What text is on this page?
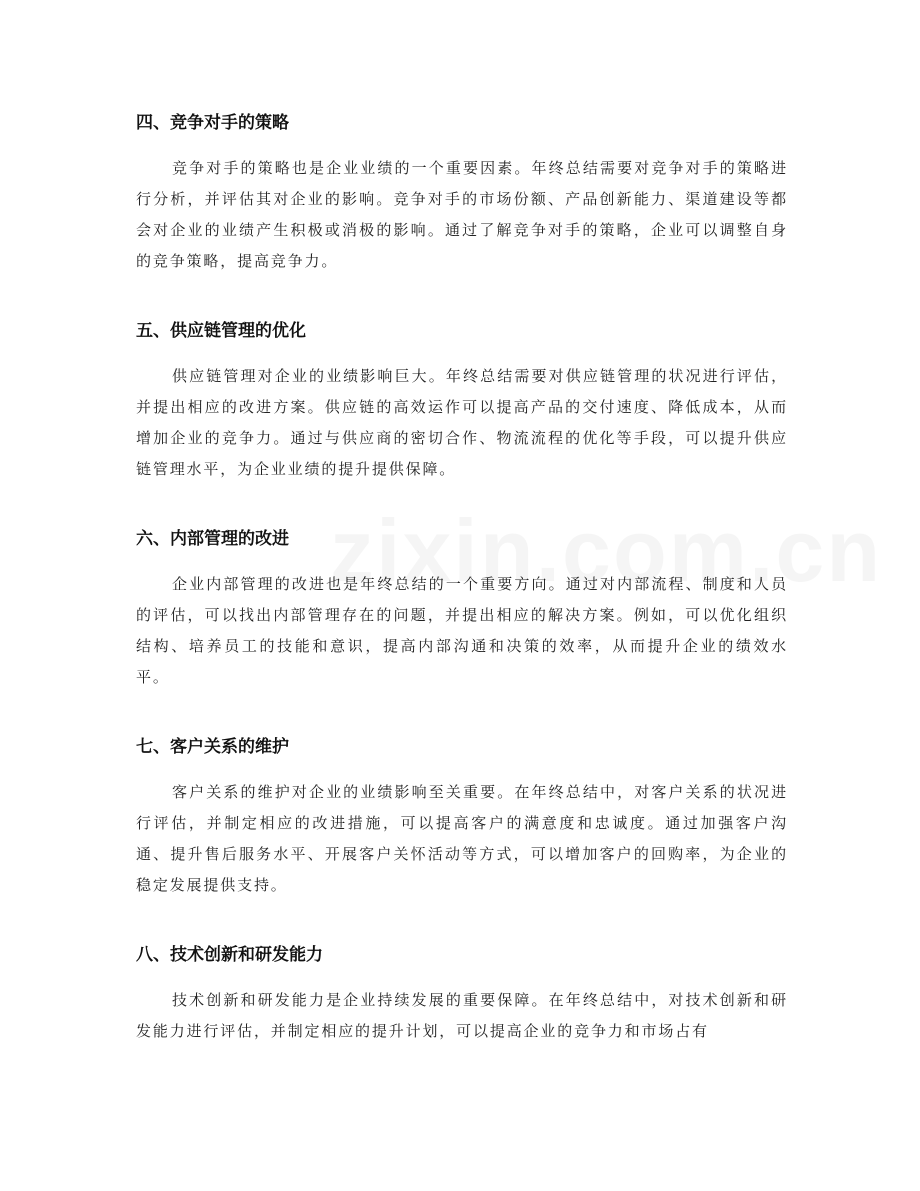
四、竞争对手的策略

竞争对手的策略也是企业业绩的一个重要因素。年终总结需要对竞争对手的策略进行分析，并评估其对企业的影响。竞争对手的市场份额、产品创新能力、渠道建设等都会对企业的业绩产生积极或消极的影响。通过了解竞争对手的策略，企业可以调整自身的竞争策略，提高竞争力。

五、供应链管理的优化

供应链管理对企业的业绩影响巨大。年终总结需要对供应链管理的状况进行评估，并提出相应的改进方案。供应链的高效运作可以提高产品的交付速度、降低成本，从而增加企业的竞争力。通过与供应商的密切合作、物流流程的优化等手段，可以提升供应链管理水平，为企业业绩的提升提供保障。

六、内部管理的改进

企业内部管理的改进也是年终总结的一个重要方向。通过对内部流程、制度和人员的评估，可以找出内部管理存在的问题，并提出相应的解决方案。例如，可以优化组织结构、培养员工的技能和意识，提高内部沟通和决策的效率，从而提升企业的绩效水平。

七、客户关系的维护

客户关系的维护对企业的业绩影响至关重要。在年终总结中，对客户关系的状况进行评估，并制定相应的改进措施，可以提高客户的满意度和忠诚度。通过加强客户沟通、提升售后服务水平、开展客户关怀活动等方式，可以增加客户的回购率，为企业的稳定发展提供支持。

八、技术创新和研发能力

技术创新和研发能力是企业持续发展的重要保障。在年终总结中，对技术创新和研发能力进行评估，并制定相应的提升计划，可以提高企业的竞争力和市场占有
